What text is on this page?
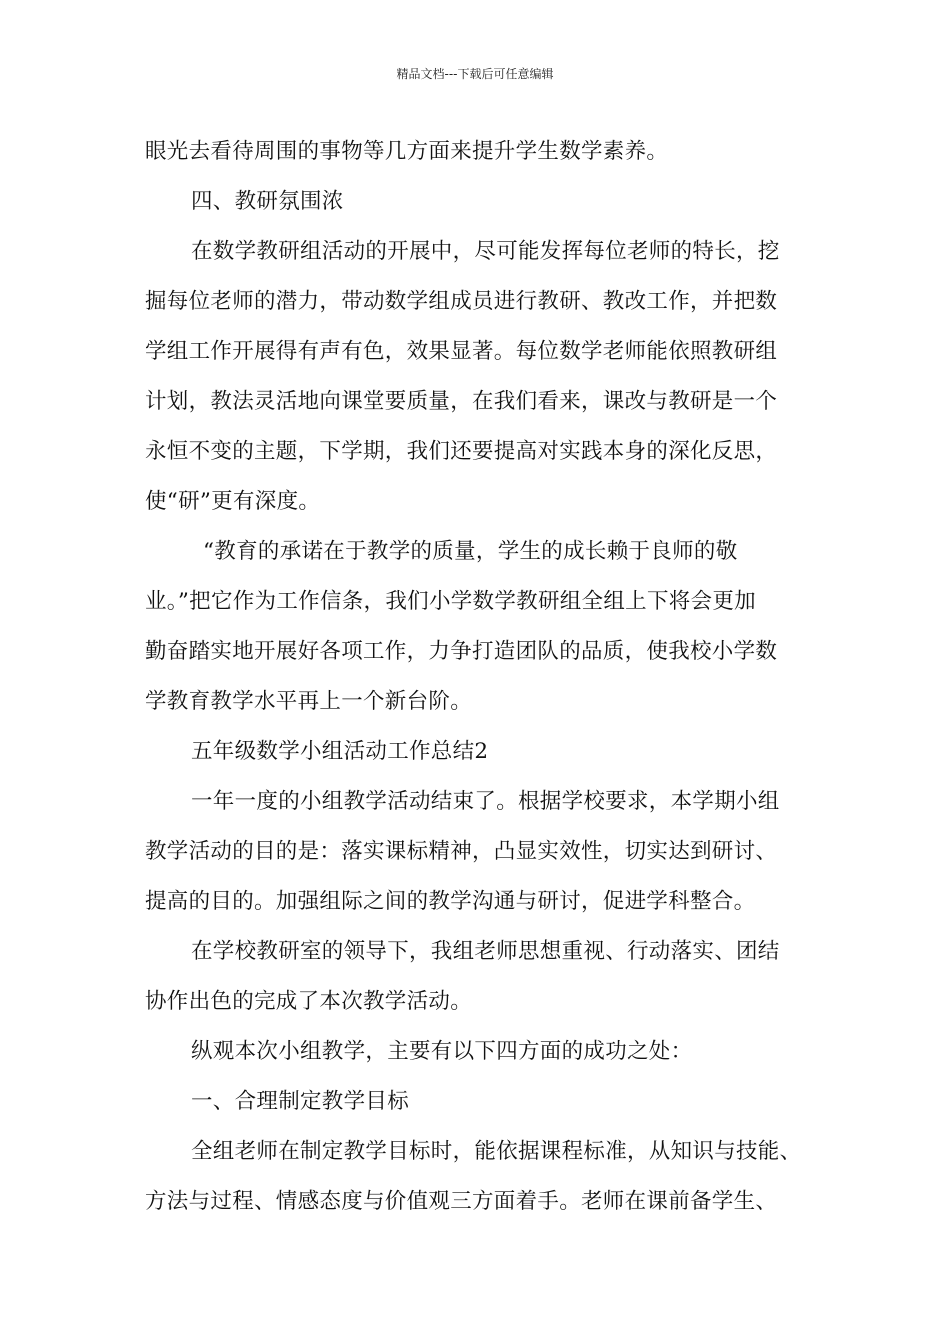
精品文档---下载后可任意编辑
眼光去看待周围的事物等几方面来提升学生数学素养。
四、教研氛围浓
在数学教研组活动的开展中，尽可能发挥每位老师的特长，挖
掘每位老师的潜力，带动数学组成员进行教研、教改工作，并把数
学组工作开展得有声有色，效果显著。每位数学老师能依照教研组
计划，教法灵活地向课堂要质量，在我们看来，课改与教研是一个
永恒不变的主题，下学期，我们还要提高对实践本身的深化反思，
使“研”更有深度。
“教育的承诺在于教学的质量，学生的成长赖于良师的敬
业。”把它作为工作信条，我们小学数学教研组全组上下将会更加
勤奋踏实地开展好各项工作，力争打造团队的品质，使我校小学数
学教育教学水平再上一个新台阶。
五年级数学小组活动工作总结2
一年一度的小组教学活动结束了。根据学校要求，本学期小组
教学活动的目的是：落实课标精神，凸显实效性，切实达到研讨、
提高的目的。加强组际之间的教学沟通与研讨，促进学科整合。
在学校教研室的领导下，我组老师思想重视、行动落实、团结
协作出色的完成了本次教学活动。
纵观本次小组教学，主要有以下四方面的成功之处：
一、合理制定教学目标
全组老师在制定教学目标时，能依据课程标准，从知识与技能、
方法与过程、情感态度与价值观三方面着手。老师在课前备学生、
